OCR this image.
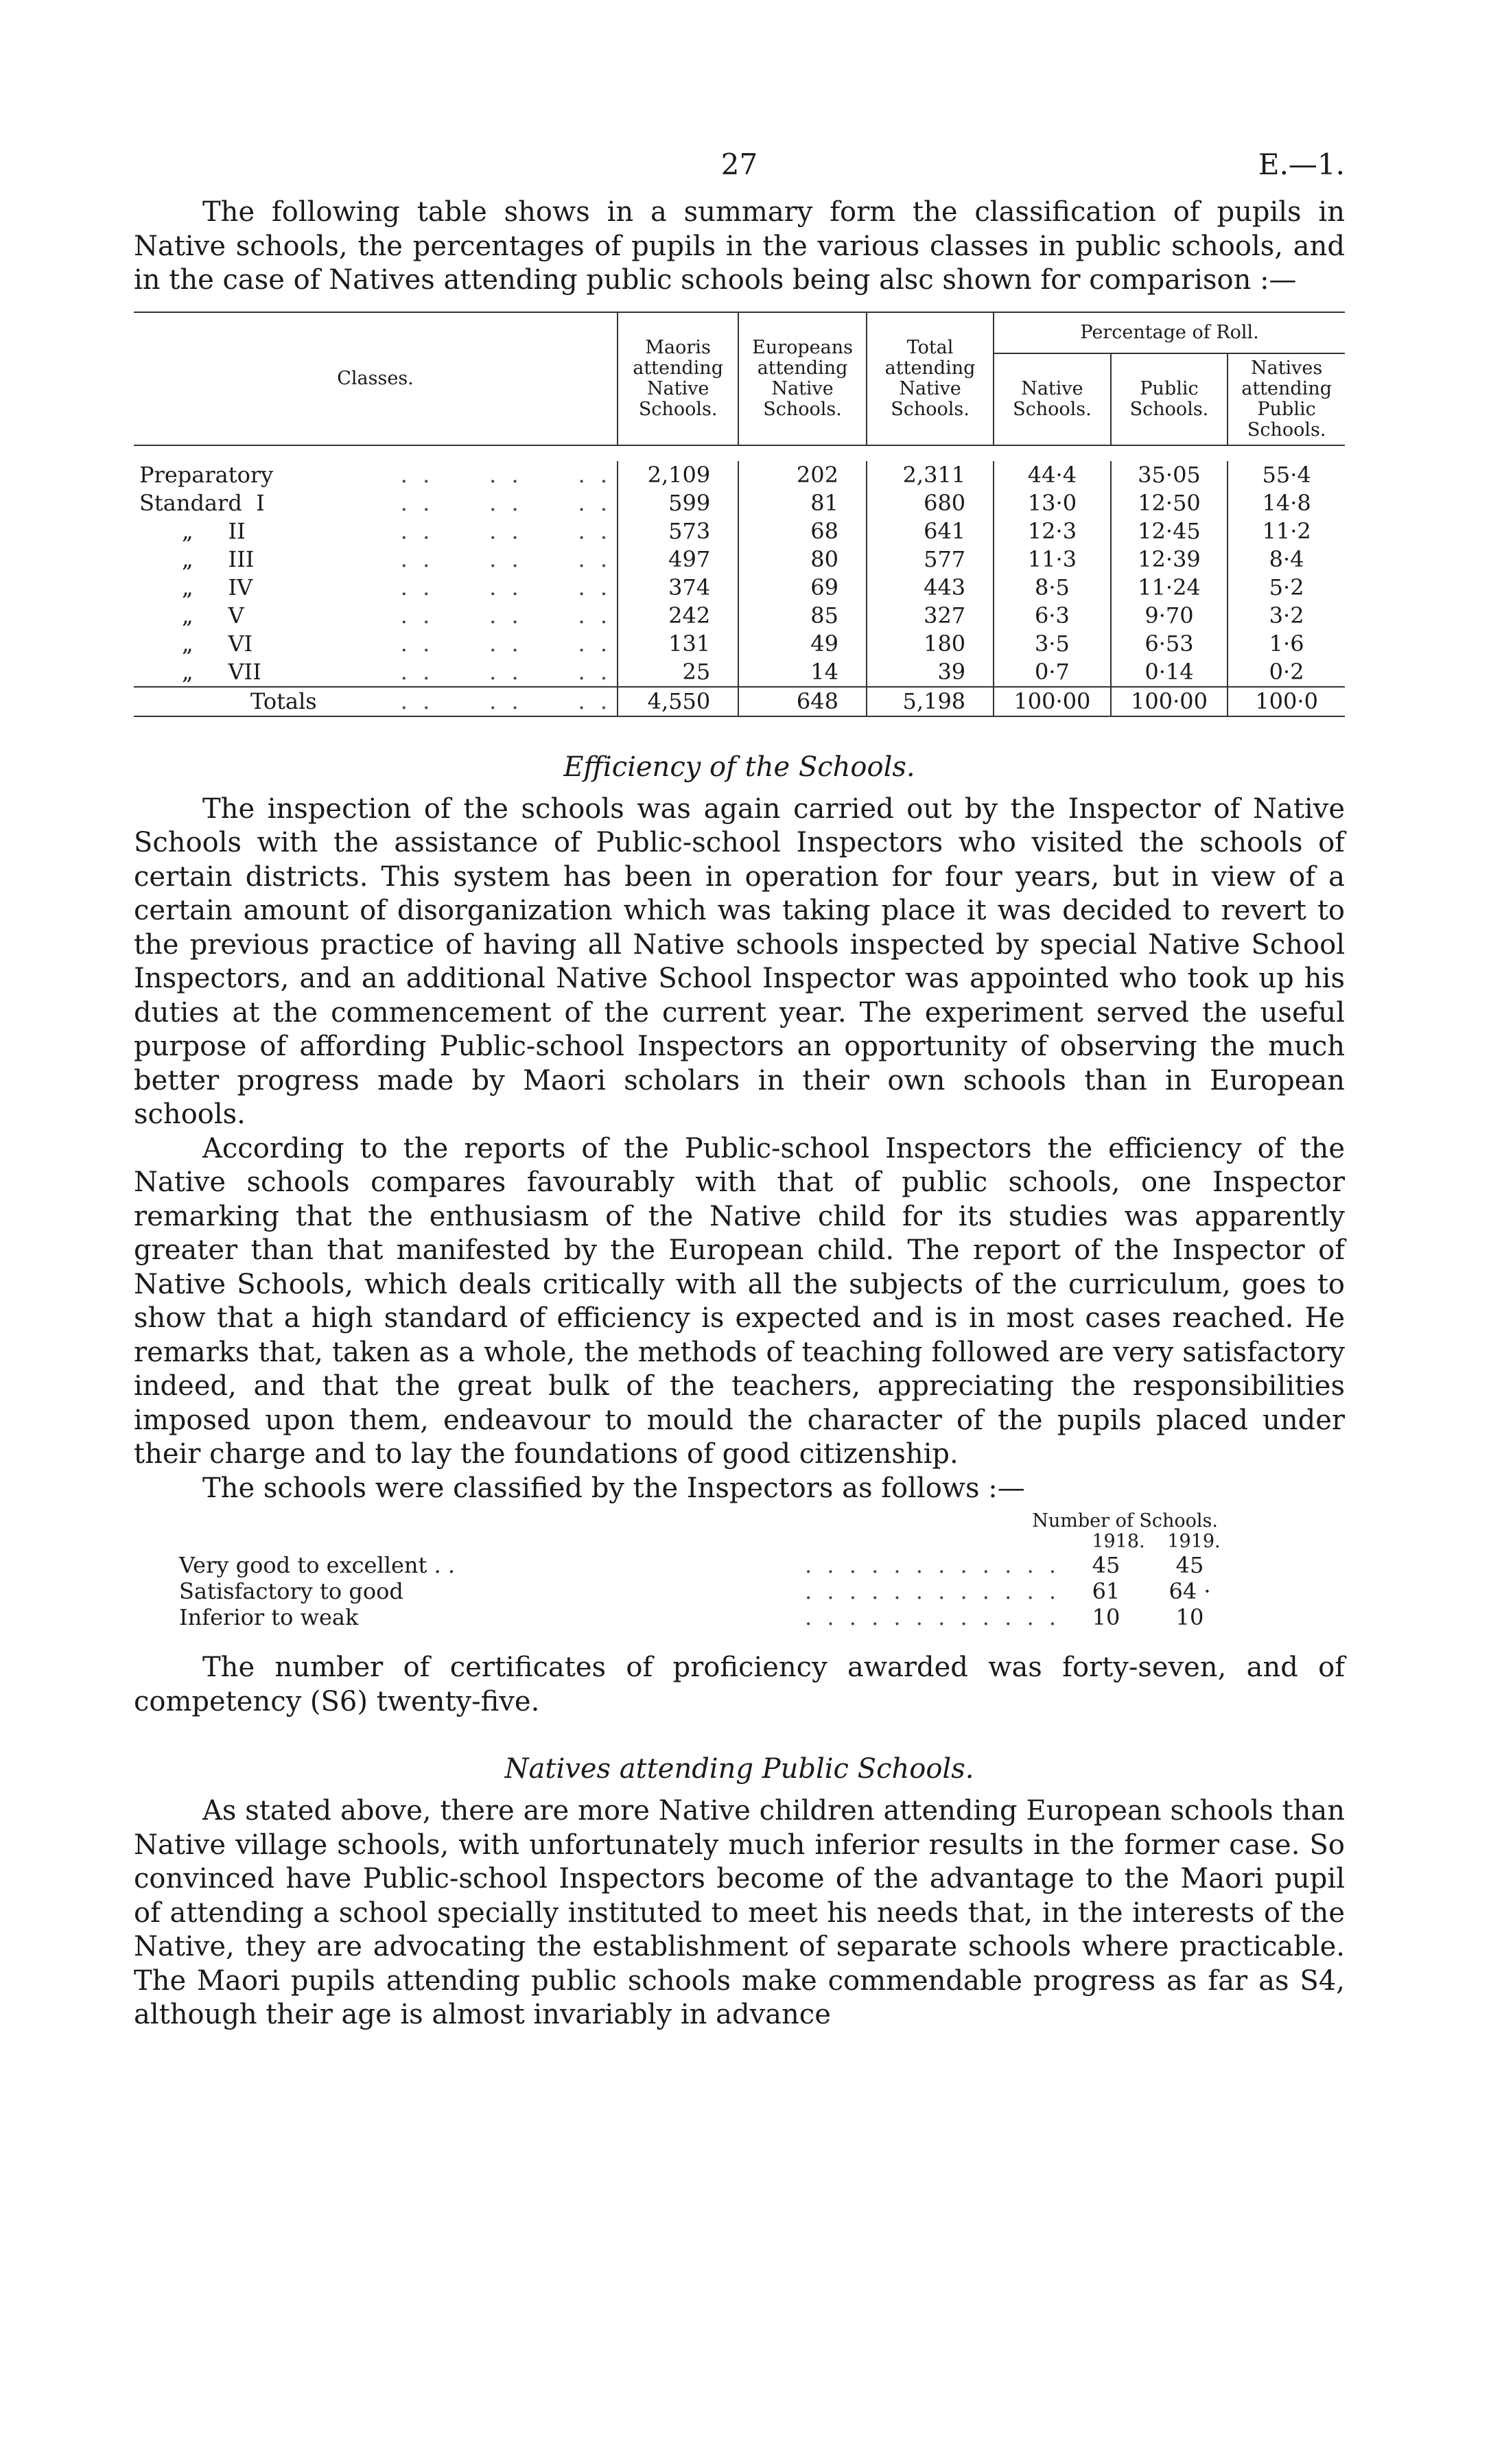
27	E.—1.

The following table shows in a summary form the classification of pupils in Native schools, the percentages of pupils in the various classes in public schools, and in the case of Natives attending public schools being alsc shown for comparison :—

Classes.	Maoris attending Native Schools.	Europeans attending Native Schools.	Total attending Native Schools.	Percentage of Roll.		
				Native Schools.	Public Schools.	Natives attending Public Schools.

Preparatory . .     . .     . .	2,109	202	2,311	44·4	35·05	55·4
Standard  I . .     . .     . .	599	81	680	13·0	12·50	14·8
„     II . .     . .     . .	573	68	641	12·3	12·45	11·2
„     III . .     . .     . .	497	80	577	11·3	12·39	8·4
„     IV . .     . .     . .	374	69	443	8·5	11·24	5·2
„     V . .     . .     . .	242	85	327	6·3	9·70	3·2
„     VI . .     . .     . .	131	49	180	3·5	6·53	1·6
„     VII . .     . .     . .	25	14	39	0·7	0·14	0·2
Totals . .     . .     . .	4,550	648	5,198	100·00	100·00	100·0
Efficiency of the Schools.

The inspection of the schools was again carried out by the Inspector of Native Schools with the assistance of Public-school Inspectors who visited the schools of certain districts. This system has been in operation for four years, but in view of a certain amount of disorganization which was taking place it was decided to revert to the previous practice of having all Native schools inspected by special Native School Inspectors, and an additional Native School Inspector was appointed who took up his duties at the commencement of the current year. The experiment served the useful purpose of affording Public-school Inspectors an opportunity of observing the much better progress made by Maori scholars in their own schools than in European schools.

According to the reports of the Public-school Inspectors the efficiency of the Native schools compares favourably with that of public schools, one Inspector remarking that the enthusiasm of the Native child for its studies was apparently greater than that manifested by the European child. The report of the Inspector of Native Schools, which deals critically with all the subjects of the curriculum, goes to show that a high standard of efficiency is expected and is in most cases reached. He remarks that, taken as a whole, the methods of teaching followed are very satisfactory indeed, and that the great bulk of the teachers, appreciating the responsibilities imposed upon them, endeavour to mould the character of the pupils placed under their charge and to lay the foundations of good citizenship.

The schools were classified by the Inspectors as follows :—

Number of Schools.
1918.	1919.
Very good to excellent . . . . . . . . . . . . . .	45	45
Satisfactory to good . . . . . . . . . . . .	61	64 ·
Inferior to weak . . . . . . . . . . . .	10	10

The number of certificates of proficiency awarded was forty-seven, and of competency (S6) twenty-five.

Natives attending Public Schools.

As stated above, there are more Native children attending European schools than Native village schools, with unfortunately much inferior results in the former case. So convinced have Public-school Inspectors become of the advantage to the Maori pupil of attending a school specially instituted to meet his needs that, in the interests of the Native, they are advocating the establishment of separate schools where practicable. The Maori pupils attending public schools make commendable progress as far as S4, although their age is almost invariably in advance
